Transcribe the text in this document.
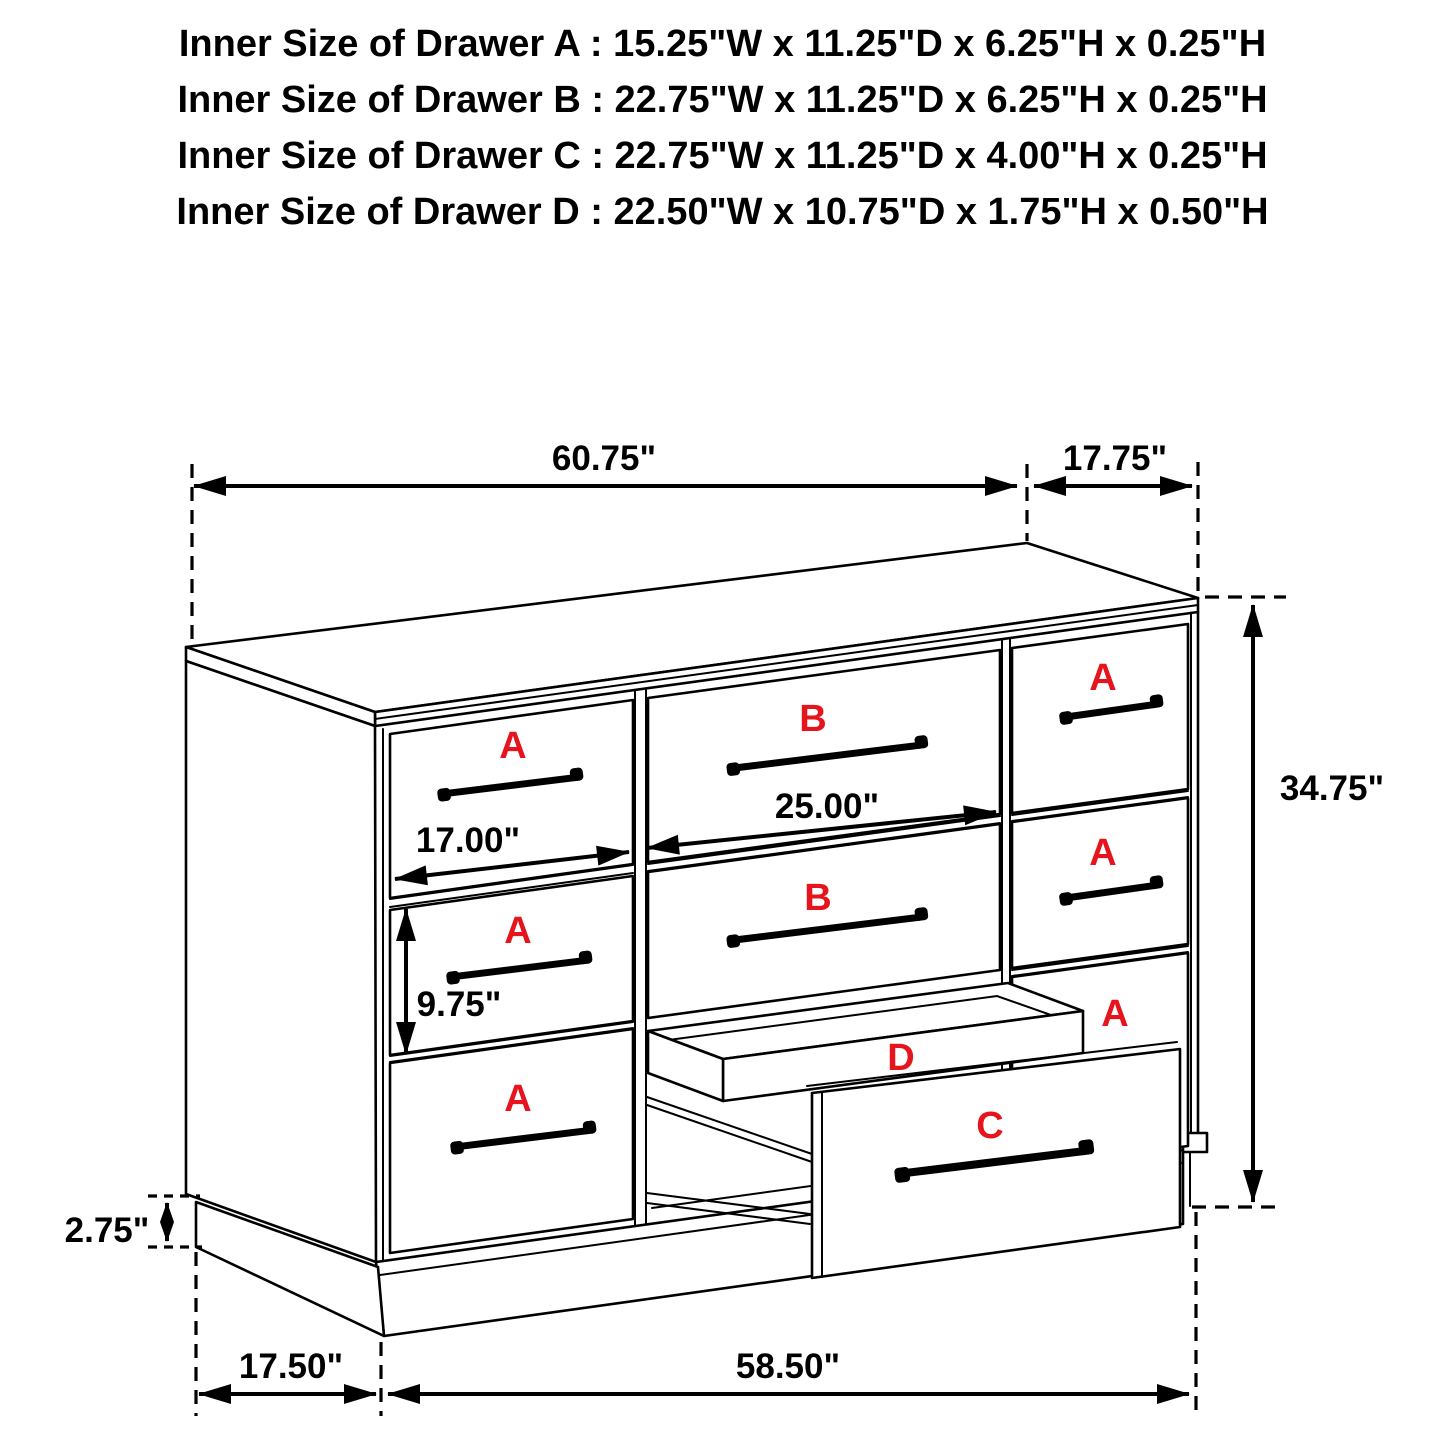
Inner Size of Drawer A : 15.25"W x 11.25"D x 6.25"H x 0.25"H
Inner Size of Drawer B : 22.75"W x 11.25"D x 6.25"H x 0.25"H
Inner Size of Drawer C : 22.75"W x 11.25"D x 4.00"H x 0.25"H
Inner Size of Drawer D : 22.50"W x 10.75"D x 1.75"H x 0.50"H
D
C
A
A
A
B
B
A
A
A
60.75"	17.75"
34.75"
25.00"
17.00"
9.75"
2.75"
17.50"	58.50"
